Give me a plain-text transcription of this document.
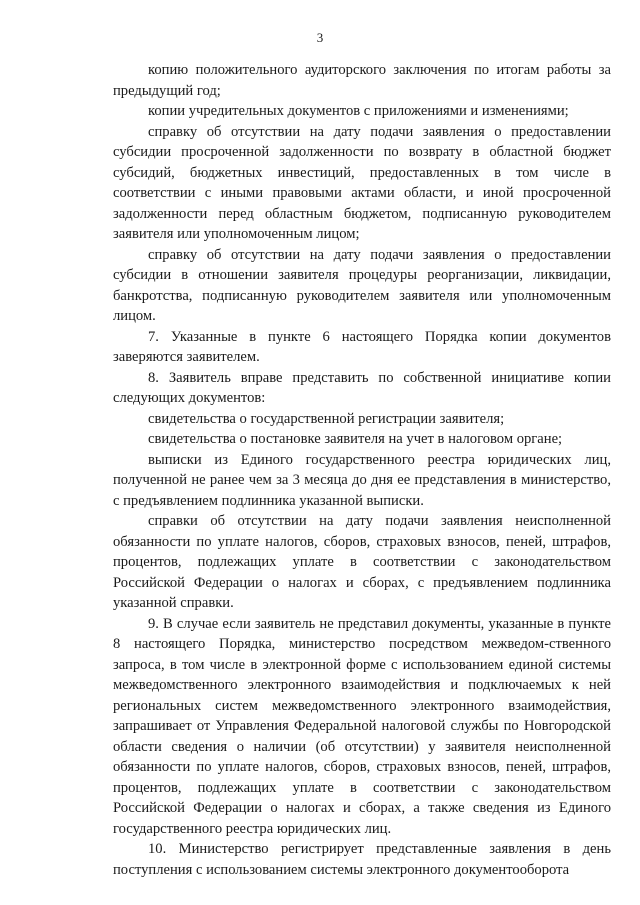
3

копию положительного аудиторского заключения по итогам работы за предыдущий год;

копии учредительных документов с приложениями и изменениями;

справку об отсутствии на дату подачи заявления о предоставлении субсидии просроченной задолженности по возврату в областной бюджет субсидий, бюджетных инвестиций, предоставленных в том числе в соответствии с иными правовыми актами области, и иной просроченной задолженности перед областным бюджетом, подписанную руководителем заявителя или уполномоченным лицом;

справку об отсутствии на дату подачи заявления о предоставлении субсидии в отношении заявителя процедуры реорганизации, ликвидации, банкротства, подписанную руководителем заявителя или уполномоченным лицом.

7. Указанные в пункте 6 настоящего Порядка копии документов заверяются заявителем.

8. Заявитель вправе представить по собственной инициативе копии следующих документов:

свидетельства о государственной регистрации заявителя;

свидетельства о постановке заявителя на учет в налоговом органе;

выписки из Единого государственного реестра юридических лиц, полученной не ранее чем за 3 месяца до дня ее представления в министерство, с предъявлением подлинника указанной выписки.

справки об отсутствии на дату подачи заявления неисполненной обязанности по уплате налогов, сборов, страховых взносов, пеней, штрафов, процентов, подлежащих уплате в соответствии с законодательством Российской Федерации о налогах и сборах, с предъявлением подлинника указанной справки.

9. В случае если заявитель не представил документы, указанные в пункте 8 настоящего Порядка, министерство посредством межведом-ственного запроса, в том числе в электронной форме с использованием единой системы межведомственного электронного взаимодействия и подключаемых к ней региональных систем межведомственного электронного взаимодействия, запрашивает от Управления Федеральной налоговой службы по Новгородской области сведения о наличии (об отсутствии) у заявителя неисполненной обязанности по уплате налогов, сборов, страховых взносов, пеней, штрафов, процентов, подлежащих уплате в соответствии с законодательством Российской Федерации о налогах и сборах, а также сведения из Единого государственного реестра юридических лиц.

10. Министерство регистрирует представленные заявления в день поступления с использованием системы электронного документооборота
